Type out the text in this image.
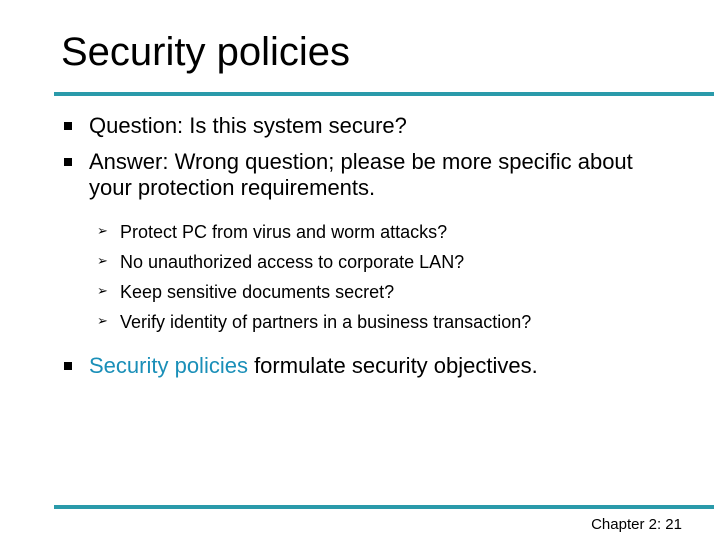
Security policies
Question: Is this system secure?
Answer: Wrong question; please be more specific about your protection requirements.
➢ Protect PC from virus and worm attacks?
➢ No unauthorized access to corporate LAN?
➢ Keep sensitive documents secret?
➢ Verify identity of partners in a business transaction?
Security policies formulate security objectives.
Chapter 2: 21
